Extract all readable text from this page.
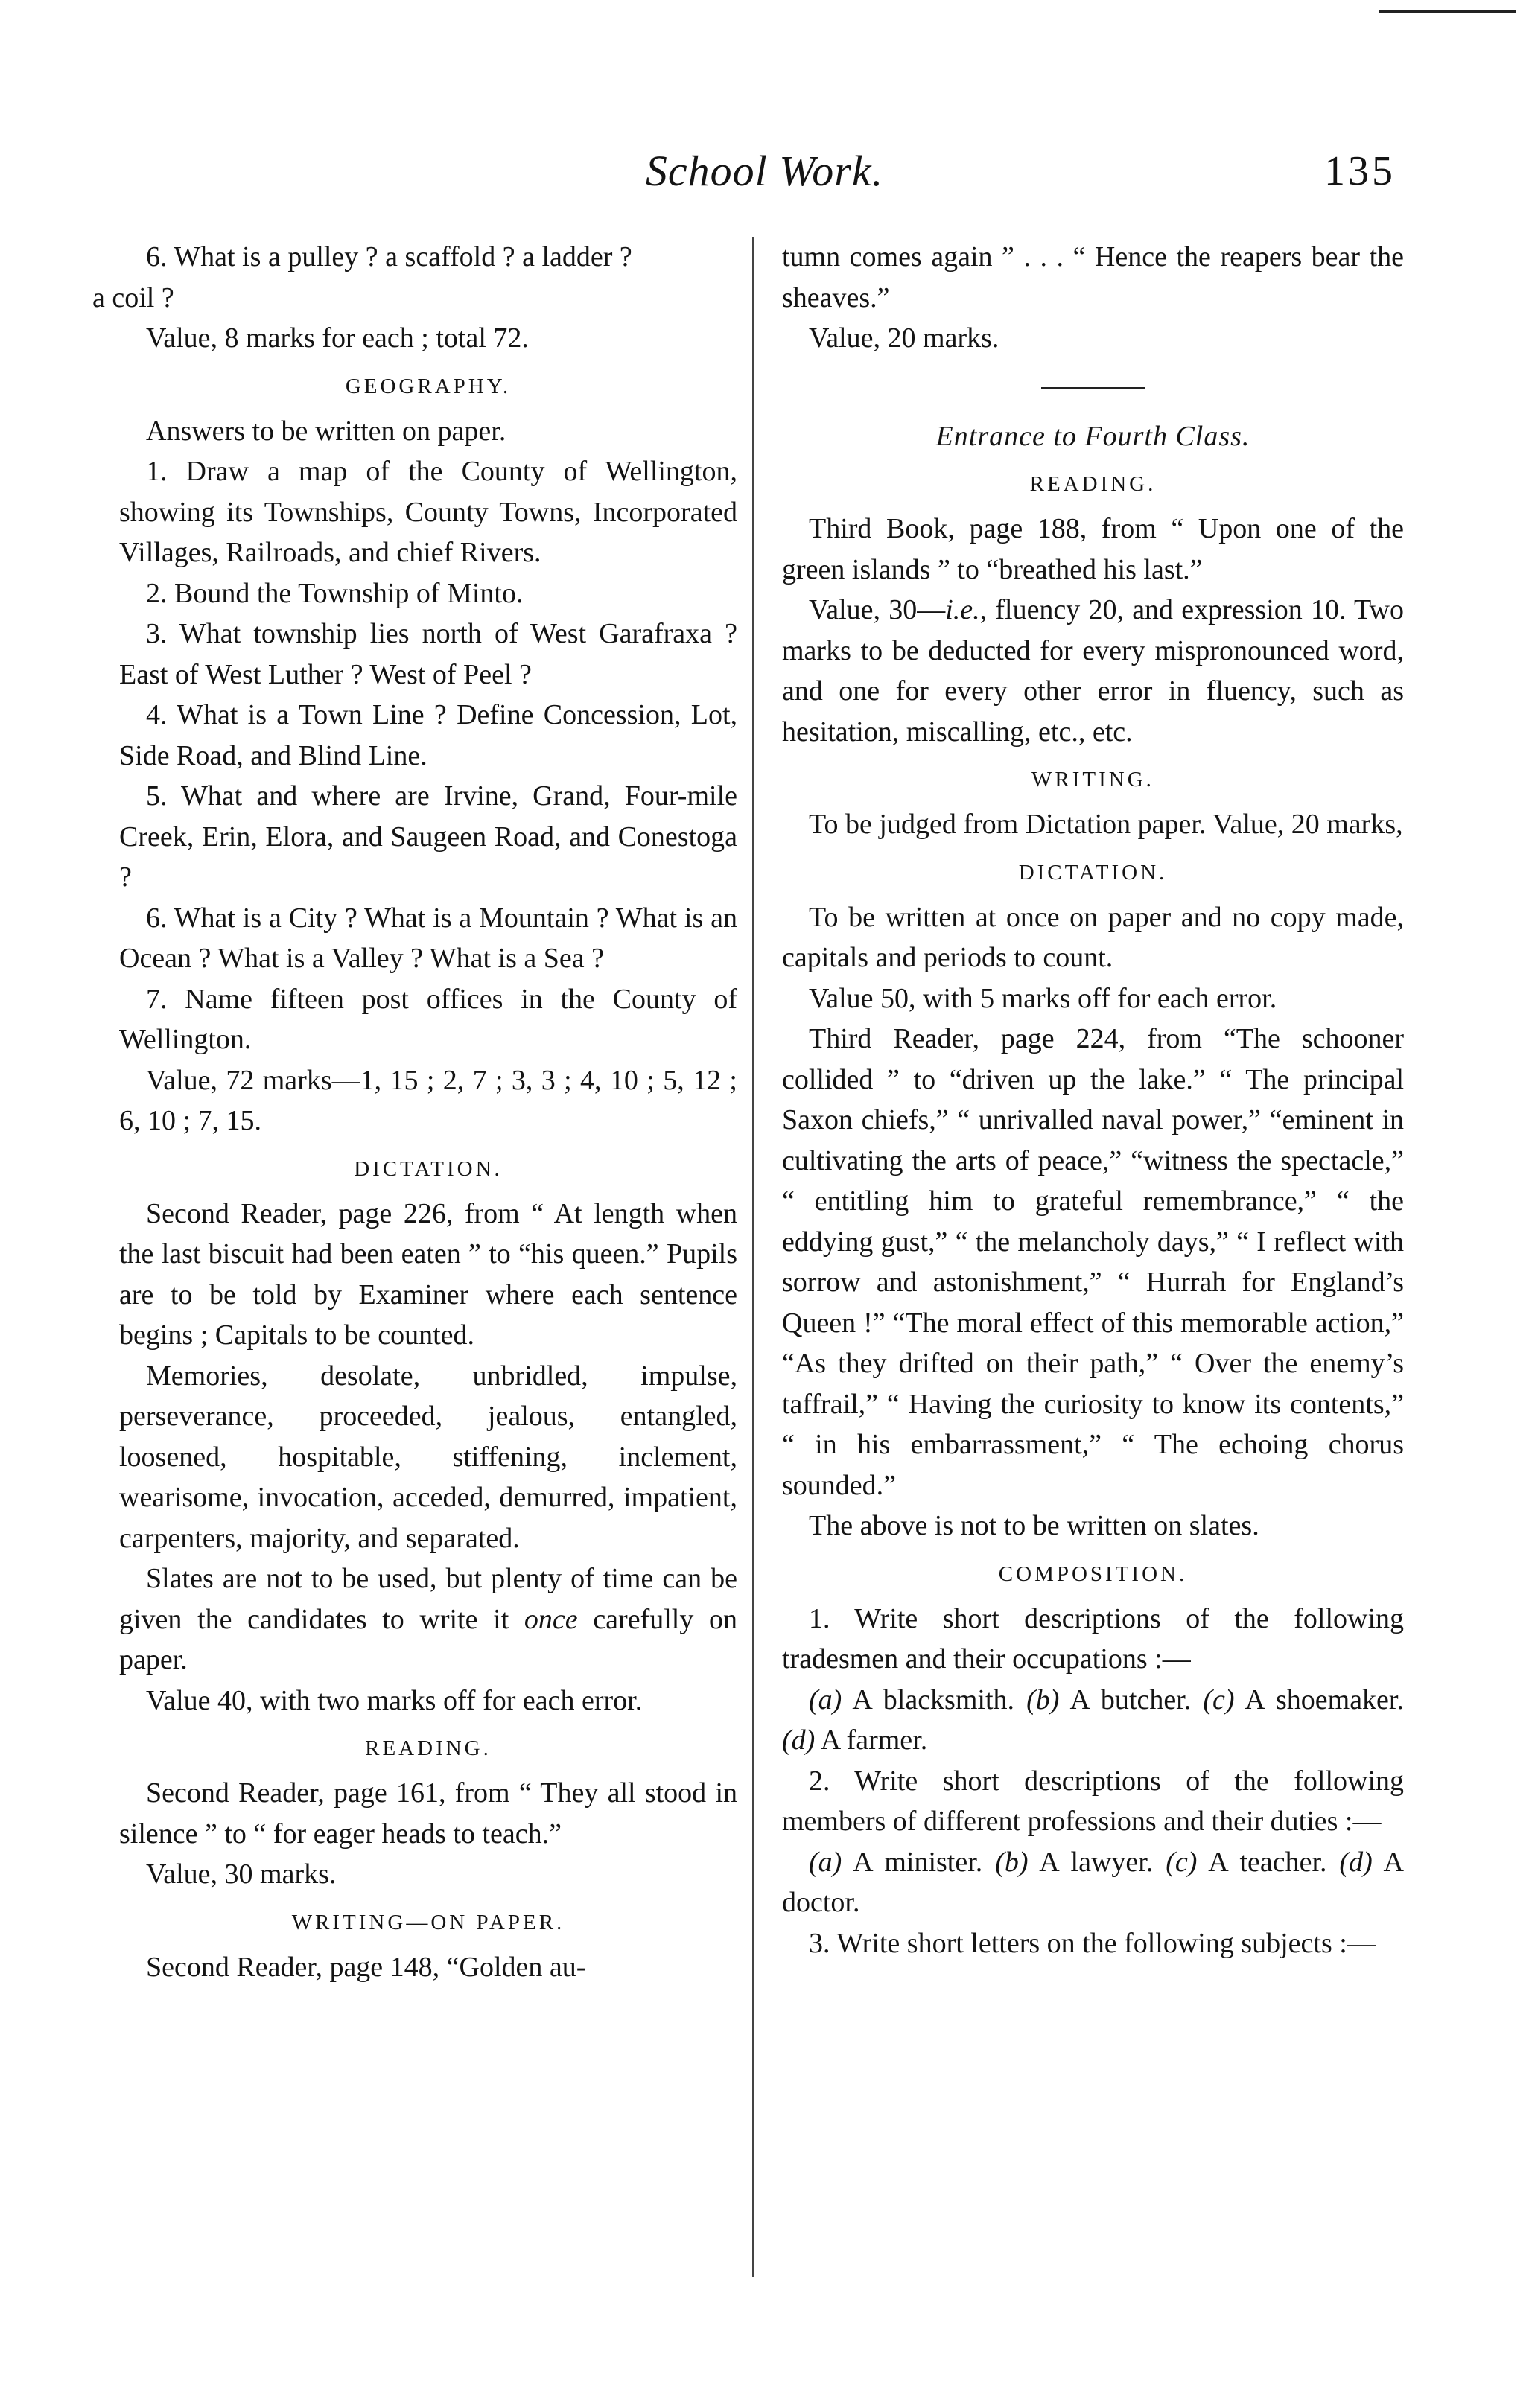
School Work.	135

6. What is a pulley ? a scaffold ? a ladder ?
a coil ?

Value, 8 marks for each ; total 72.

GEOGRAPHY.

Answers to be written on paper.

1. Draw a map of the County of Wellington, showing its Townships, County Towns, Incorporated Villages, Railroads, and chief Rivers.

2. Bound the Township of Minto.

3. What township lies north of West Garafraxa ? East of West Luther ? West of Peel ?

4. What is a Town Line ? Define Concession, Lot, Side Road, and Blind Line.

5. What and where are Irvine, Grand, Four-mile Creek, Erin, Elora, and Saugeen Road, and Conestoga ?

6. What is a City ? What is a Mountain ? What is an Ocean ? What is a Valley ? What is a Sea ?

7. Name fifteen post offices in the County of Wellington.

Value, 72 marks—1, 15 ; 2, 7 ; 3, 3 ; 4, 10 ; 5, 12 ; 6, 10 ; 7, 15.

DICTATION.

Second Reader, page 226, from “ At length when the last biscuit had been eaten ” to “his queen.” Pupils are to be told by Examiner where each sentence begins ; Capitals to be counted.

Memories, desolate, unbridled, impulse, perseverance, proceeded, jealous, entangled, loosened, hospitable, stiffening, inclement, wearisome, invocation, acceded, demurred, impatient, carpenters, majority, and separated.

Slates are not to be used, but plenty of time can be given the candidates to write it once carefully on paper.

Value 40, with two marks off for each error.

READING.

Second Reader, page 161, from “ They all stood in silence ” to “ for eager heads to teach.”

Value, 30 marks.

WRITING—ON PAPER.

Second Reader, page 148, “Golden au-

tumn comes again ” . . . “ Hence the reapers bear the sheaves.”

Value, 20 marks.

Entrance to Fourth Class.
READING.

Third Book, page 188, from “ Upon one of the green islands ” to “breathed his last.”

Value, 30—i.e., fluency 20, and expression 10. Two marks to be deducted for every mispronounced word, and one for every other error in fluency, such as hesitation, miscalling, etc., etc.

WRITING.

To be judged from Dictation paper. Value, 20 marks,

DICTATION.

To be written at once on paper and no copy made, capitals and periods to count.

Value 50, with 5 marks off for each error.

Third Reader, page 224, from “The schooner collided ” to “driven up the lake.” “ The principal Saxon chiefs,” “ unrivalled naval power,” “eminent in cultivating the arts of peace,” “witness the spectacle,” “ entitling him to grateful remembrance,” “ the eddying gust,” “ the melancholy days,” “ I reflect with sorrow and astonishment,” “ Hurrah for England’s Queen !” “The moral effect of this memorable action,” “As they drifted on their path,” “ Over the enemy’s taffrail,” “ Having the curiosity to know its contents,” “ in his embarrassment,” “ The echoing chorus sounded.”

The above is not to be written on slates.

COMPOSITION.

1. Write short descriptions of the following tradesmen and their occupations :—

(a) A blacksmith. (b) A butcher. (c) A shoemaker. (d) A farmer.

2. Write short descriptions of the following members of different professions and their duties :—

(a) A minister. (b) A lawyer. (c) A teacher. (d) A doctor.

3. Write short letters on the following subjects :—
